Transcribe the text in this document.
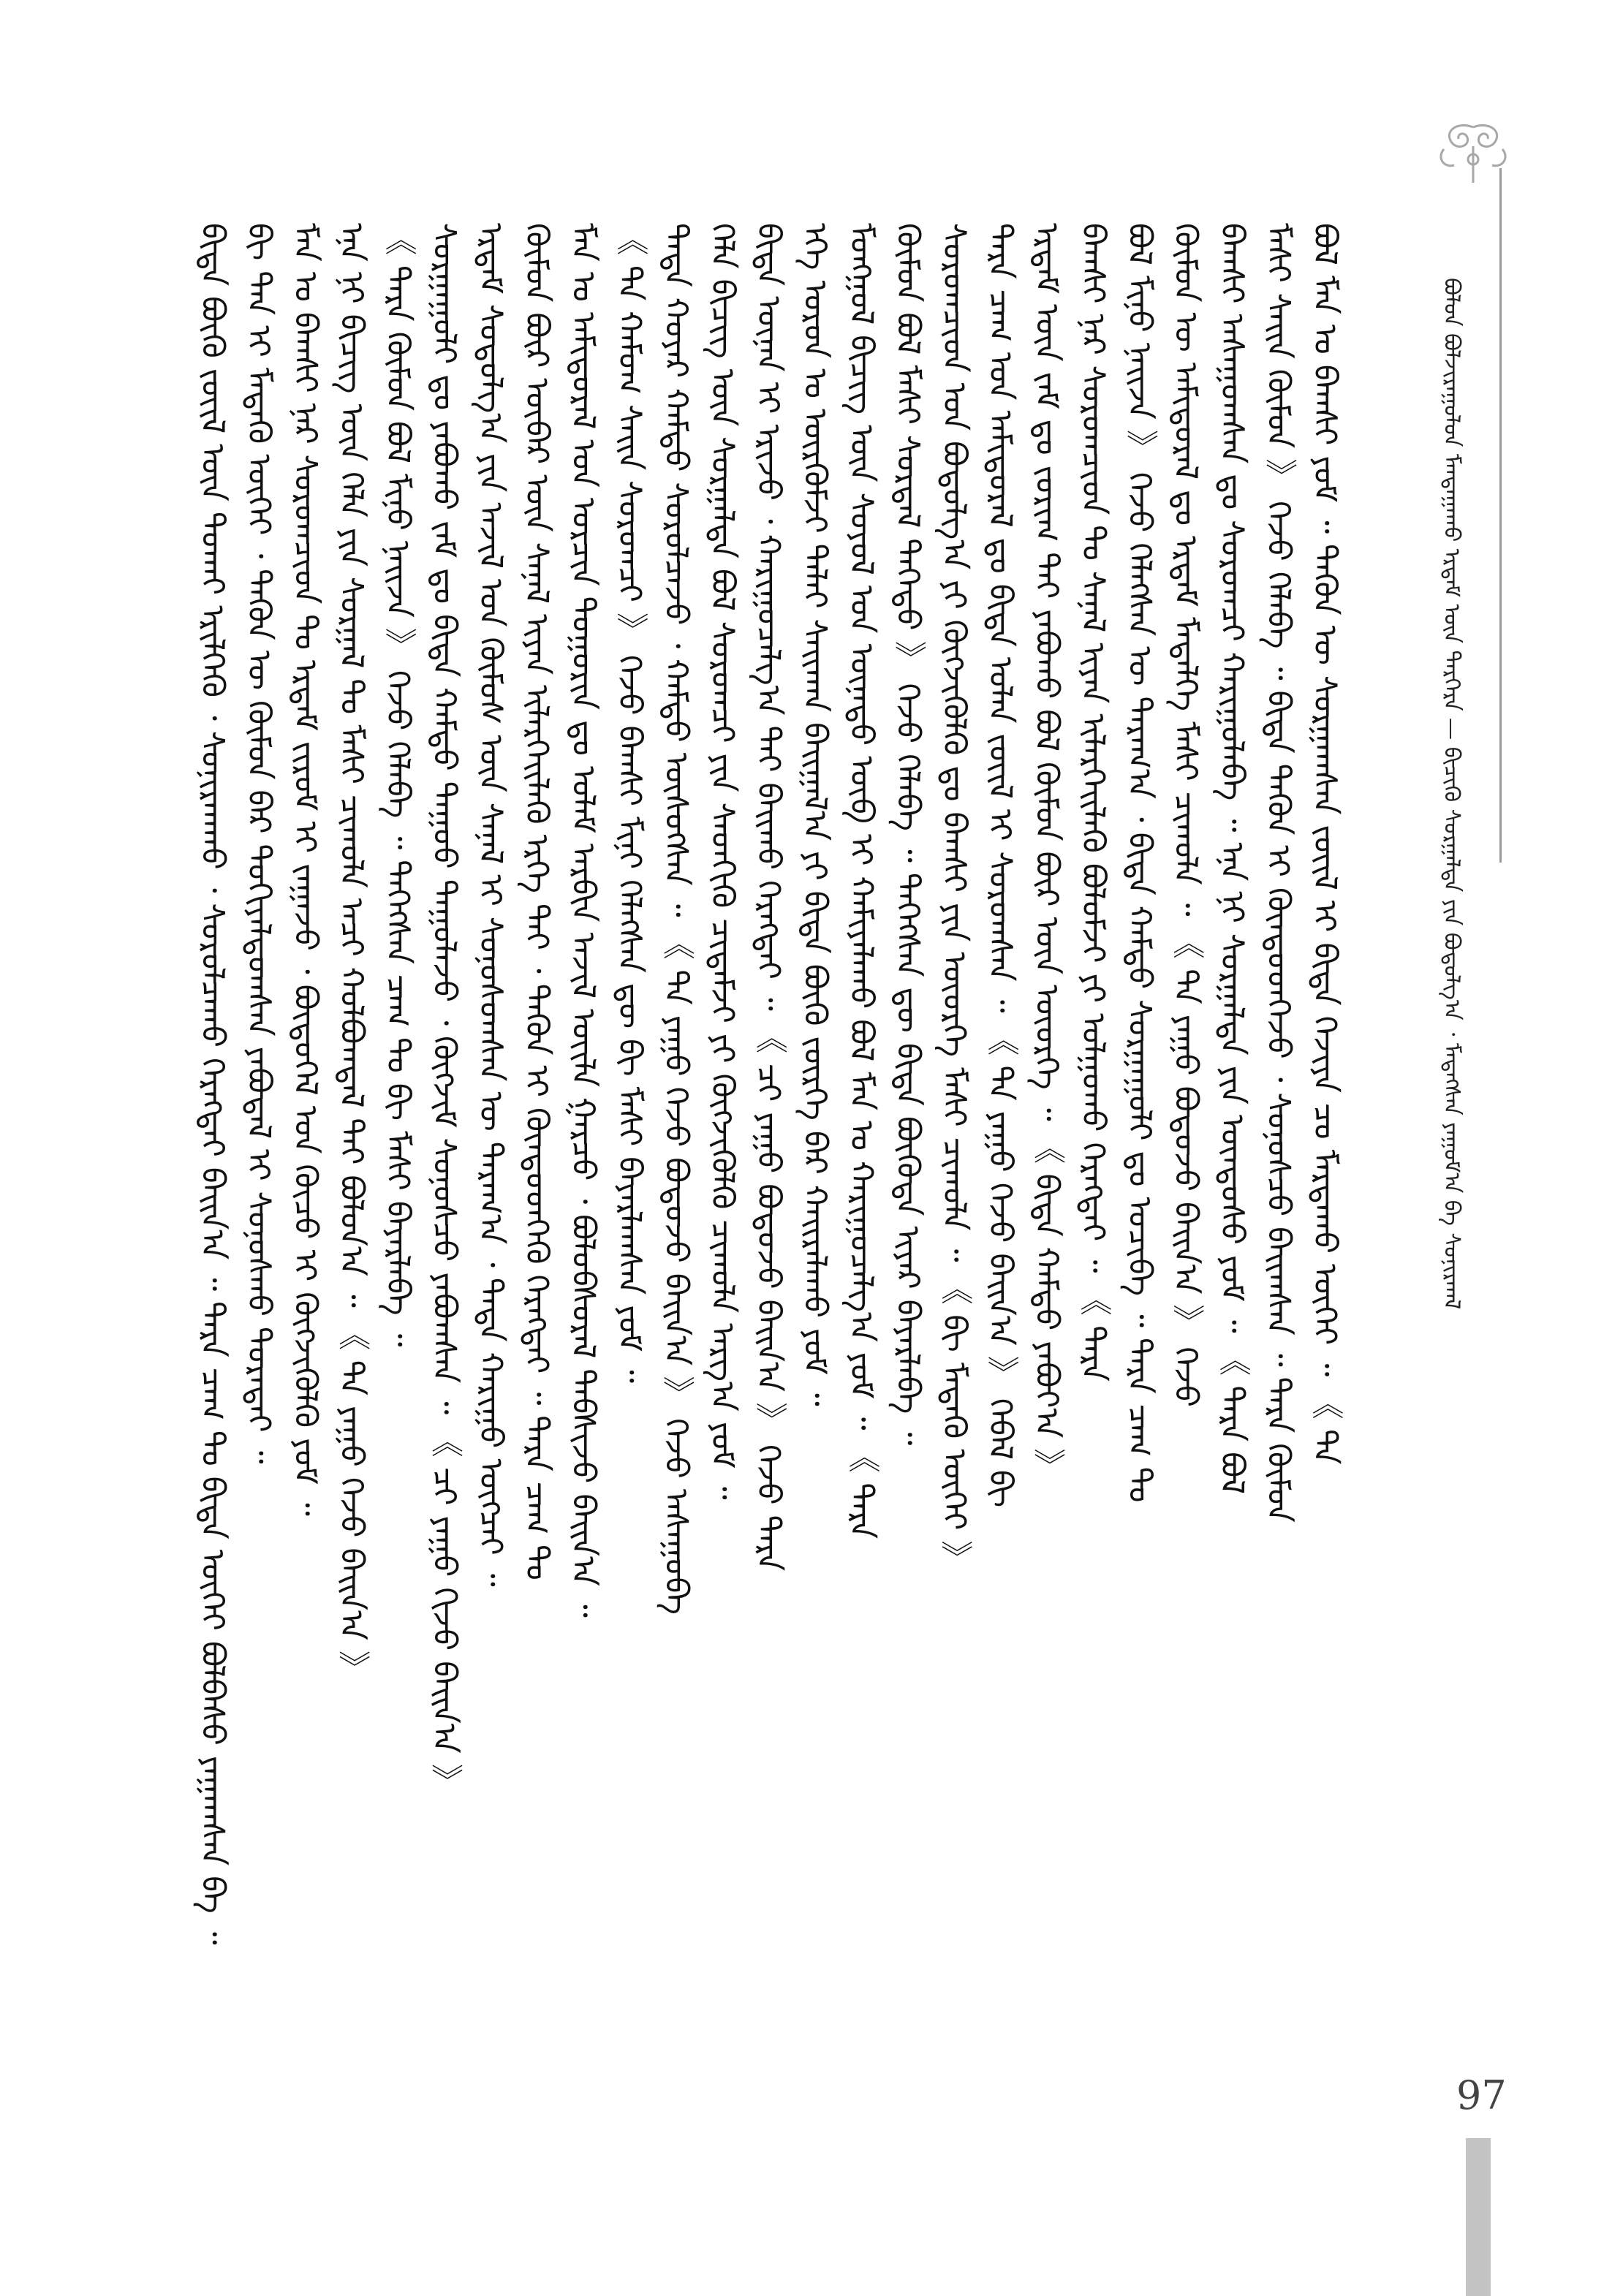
ᠪᠣᠯᠤᠨ ᠪᠣᠯᠵᠢᠷᠠᠭᠤᠯᠤᠨ ᠮᠠᠨᠳᠠᠭᠠᠬᠤ ᠡᠷᠳᠡᠮ ᠦᠨ ᠲᠡᠷᠭᠡᠷᠡ — ᠪᠢᠴᠢᠬᠦ ᠰᠤᠷᠭᠠᠯᠲᠠ ᠶᠢᠨ ᠪᠣᠳᠣᠯᠭ᠎ᠠ ᠂ ᠮᠡᠳᠡᠭᠰᠡᠨ ᠶᠠᠭᠤᠮ᠎ᠠ ᠪᠠ ᠰᠣᠨᠢᠷᠬᠠᠯ
ᠪᠢᠳᠡ ᠪᠦᠬᠦ ᠵᠦᠢᠯ ᠦᠨ ᠲᠤᠬᠠᠢ ᠡᠷᠢᠯᠬᠡᠬᠦ ᠂ ᠰᠣᠨᠢᠷᠬᠠᠬᠤ ᠂ ᠰᠤᠷᠤᠯᠴᠠᠬᠤ ᠬᠡᠷᠡᠭᠲᠡᠢ ᠪᠠᠢᠨ᠎ᠠ ᠃ ᠲᠡᠷᠡ ᠴᠠᠭ ᠲᠤ ᠪᠢᠳᠡ ᠥᠭᠡᠢ ᠪᠣᠯᠪᠠᠰᠤ ᠶᠠᠭᠠᠭᠰᠠᠨ ᠪᠡ ᠃ ᠪᠢ ᠲᠠᠨ ᠢ ᠮᠡᠳᠡᠬᠦ ᠦᠭᠡᠢ ᠂ ᠲᠡᠭᠦᠨ ᠦ ᠬᠦᠮᠦᠨ ᠪᠠᠷ ᠲᠣᠬᠢᠶᠠᠯᠳᠤᠭᠰᠠᠨ ᠶᠠᠪᠤᠳᠠᠯ ᠢ ᠰᠣᠨᠣᠰᠬᠤ ᠳᠤᠷᠠᠲᠠᠢ ᠃ ᠮᠠᠨ ᠤ ᠪᠠᠭᠰᠢ ᠨᠠᠷ ᠰᠤᠷᠤᠭᠴᠢᠳ ᠲᠤ ᠡᠷᠳᠡᠮ ᠵᠢᠷᠤᠮ ᠢ ᠵᠠᠭᠠᠵᠤ ᠂ ᠪᠦᠲᠦᠭᠡᠯ ᠤᠨ ᠬᠦᠴᠦ ᠢ ᠬᠥᠭᠵᠢᠭᠦᠯᠬᠦ ᠶᠤᠮ ᠃ ᠡᠨᠡ ᠨᠢ ᠪᠢᠴᠢᠭ᠌ ᠦᠨ ᠬᠡᠯᠡ ᠶᠢᠨ ᠰᠤᠷᠭᠠᠯ ᠲᠤ ᠮᠠᠰᠢ ᠴᠢᠬᠤᠯᠠ ᠠᠴᠢ ᠬᠣᠯᠪᠣᠭᠳᠠᠯ ᠲᠠᠢ ᠪᠣᠯᠤᠨ᠎ᠠ ᠃ 《 ᠲᠠ ᠶᠠᠭᠤ ᠭᠡᠵᠦ ᠪᠠᠢᠨ᠎ᠠ 》 《 ᠲᠡᠷᠡ ᠬᠦᠮᠦᠨ ᠪᠣᠯ ᠮᠢᠨᠦ ᠨᠠᠢᠵᠠ 》 ᠭᠡᠵᠦ ᠬᠡᠯᠡᠪᠡ ᠃ ᠲᠡᠭᠡᠭᠰᠡᠨ ᠴᠠᠭ ᠲᠤ ᠪᠢ ᠮᠠᠰᠢ ᠪᠠᠶᠠᠷᠯᠠᠪᠠ ᠃ ᠰᠤᠷᠭᠠᠭᠤᠯᠢ ᠳᠤ ᠶᠠᠪᠤᠬᠤ ᠵᠠᠮ ᠳᠤ ᠪᠢᠳᠡ ᠬᠠᠮᠲᠤ ᠳᠠᠭᠤᠤ ᠳᠠᠭᠤᠯᠠᠵᠤ ᠂ ᠬᠥᠭᠵᠢᠮ ᠰᠣᠨᠣᠰᠴᠤ ᠶᠠᠪᠤᠭᠰᠠᠨ ᠃ 《 ᠴᠢ ᠶᠠᠭᠤ ᠬᠢᠵᠦ ᠪᠠᠢᠨ᠎ᠠ 》 ᠡᠷᠳᠡᠮ ᠰᠤᠳᠤᠯᠭ᠎ᠠ ᠶᠢᠨ ᠠᠵᠢᠯ ᠤᠨ ᠬᠦᠮᠦᠰ ᠦᠨ ᠰᠠᠨᠠᠯ ᠢ ᠰᠣᠨᠣᠰᠤᠭᠰᠠᠨ ᠦ ᠳᠠᠷᠠᠭ᠎ᠠ ᠂ ᠲᠡᠳᠡ ᠬᠠᠷᠢᠭᠤ ᠥᠭᠴᠡᠢ ᠃ ᠬᠦᠮᠦᠨ ᠪᠦᠷ ᠥᠪᠡᠷ ᠦᠨ ᠰᠠᠨᠠᠯ ᠢᠶᠠᠨ ᠢᠯᠡᠷᠬᠡᠢᠯᠡᠬᠦ ᠡᠷᠬᠡ ᠲᠠᠢ ᠂ ᠲᠡᠭᠦᠨ ᠢ ᠬᠦᠨᠳᠦᠳᠬᠡᠬᠦ ᠬᠡᠷᠡᠭᠲᠡᠢ ᠃ ᠲᠡᠷᠡ ᠴᠠᠭ ᠲᠤ ᠮᠠᠨ ᠤ ᠠᠮᠢᠳᠤᠷᠠᠯ ᠤᠨ ᠣᠷᠴᠢᠨ ᠲᠣᠭᠣᠷᠢᠨ ᠳᠤ ᠤᠯᠠᠮ ᠠᠷᠪᠢᠨ ᠠᠵᠢᠯ ᠦᠢᠯᠡ ᠭᠠᠷᠴᠤ ᠂ ᠪᠣᠯᠤᠪᠰᠤᠷᠠᠯ ᠳᠡᠪᠰᠢᠵᠦ ᠪᠠᠢᠨ᠎ᠠ ᠃ 《 ᠲᠠ ᠬᠠᠮᠤᠭ ᠰᠠᠢᠨ ᠰᠤᠷᠤᠭᠴᠢ 》 ᠭᠡᠵᠦ ᠪᠠᠭᠰᠢ ᠮᠢᠨᠢ ᠬᠡᠯᠡᠭᠰᠡᠨ ᠳᠦ ᠪᠢ ᠮᠠᠰᠢ ᠪᠠᠶᠠᠷᠯᠠᠭᠰᠠᠨ ᠶᠤᠮ ᠃ ᠲᠡᠳᠡ ᠬᠣᠶᠠᠷ ᠬᠠᠮᠲᠤ ᠰᠤᠷᠤᠯᠴᠠᠵᠤ ᠂ ᠬᠠᠮᠲᠤ ᠥᠰᠦᠭᠰᠡᠨ ᠃ 《 ᠲᠠ ᠶᠠᠭᠤ ᠭᠡᠵᠦ ᠪᠣᠳᠣᠵᠤ ᠪᠠᠢᠨ᠎ᠠ 》 ᠭᠡᠵᠦ ᠠᠰᠠᠭᠤᠪᠠ ᠬᠡᠯᠡ ᠪᠢᠴᠢᠭ᠌ ᠦᠨ ᠰᠤᠷᠭᠠᠯᠲᠠ ᠪᠣᠯ ᠰᠤᠷᠤᠭᠴᠢ ᠶᠢᠨ ᠰᠡᠳᠬᠢᠬᠦ ᠴᠢᠳᠠᠮᠵᠢ ᠶᠢ ᠬᠥᠭᠵᠢᠭᠦᠯᠬᠦ ᠴᠢᠬᠤᠯᠠ ᠠᠷᠭ᠎ᠠ ᠶᠤᠮ ᠃ ᠪᠢᠳᠡ ᠦᠨᠡᠨ ᠢ ᠡᠷᠢᠵᠦ ᠂ ᠬᠠᠷᠢᠭᠤᠴᠠᠯᠭ᠎ᠠ ᠲᠠᠢ ᠪᠠᠢᠬᠤ ᠬᠡᠷᠡᠭᠲᠡᠢ ᠃ 《 ᠴᠢ ᠶᠠᠭᠤ ᠪᠣᠳᠣᠵᠤ ᠪᠠᠢᠨ᠎ᠠ 》 ᠭᠡᠵᠦ ᠲᠡᠷᠡ ᠡᠬᠡ ᠣᠷᠣᠨ ᠤ ᠦᠷᠭᠦᠮᠵᠢ ᠳᠠᠯᠠᠢ ᠰᠠᠢᠬᠠᠨ ᠪᠠᠢᠭᠠᠯ᠎ᠠ ᠶᠢ ᠪᠢᠳᠡ ᠪᠦᠬᠦ ᠵᠦᠷᠬᠡ ᠪᠡᠷ ᠬᠠᠢᠷᠠᠯᠠᠬᠤ ᠶᠤᠮ ᠃ ᠮᠣᠩᠭᠣᠯ ᠪᠢᠴᠢᠭ᠌ ᠦᠨ ᠰᠣᠶᠣᠯ ᠤᠨ ᠦᠨᠡᠲᠦ ᠥᠪ ᠢ ᠬᠠᠮᠢᠶᠠᠯᠠᠬᠤ ᠪᠣᠯ ᠮᠠᠨ ᠤ ᠬᠠᠷᠢᠭᠤᠴᠠᠯᠭ᠎ᠠ ᠶᠤᠮ ᠃ 《 ᠲᠡᠷᠡ ᠬᠦᠮᠦᠨ ᠪᠣᠯ ᠮᠠᠰᠢ ᠰᠤᠷᠲᠠᠯ ᠳᠡᠭᠡᠳᠦ 》 ᠭᠡᠵᠦ ᠬᠡᠯᠡᠪᠡ ᠃ ᠲᠡᠭᠡᠭᠰᠡᠨ ᠳᠦ ᠪᠢᠳᠡ ᠪᠦᠭᠦᠳᠡ ᠢᠶᠡᠷ ᠪᠠᠶᠠᠷᠯᠠᠪᠠ ᠃ ᠰᠤᠷᠤᠭᠴᠢᠳ ᠤᠨ ᠪᠣᠳᠣᠯᠭ᠎ᠠ ᠶᠢ ᠬᠥᠭᠵᠢᠭᠦᠯᠬᠦ ᠳᠤ ᠪᠠᠭᠰᠢ ᠶᠢᠨ ᠦᠦᠷᠭᠡ ᠮᠠᠰᠢ ᠴᠢᠬᠤᠯᠠ ᠃ 《 ᠪᠢ ᠮᠡᠳᠡᠬᠦ ᠥᠭᠡᠢ 》 ᠲᠡᠷᠡ ᠴᠠᠭ ᠤᠨ ᠠᠮᠢᠳᠤᠷᠠᠯ ᠳᠤ ᠪᠢᠳᠡ ᠣᠯᠠᠨ ᠵᠦᠢᠯ ᠢ ᠰᠤᠷᠤᠭᠰᠠᠨ ᠃ 《 ᠲᠠ ᠶᠠᠭᠤ ᠭᠡᠵᠦ ᠪᠠᠢᠨ᠎ᠠ 》 ᠭᠡᠪᠡᠯ ᠪᠢ ᠡᠷᠳᠡᠮ ᠦᠨ ᠵᠠᠮ ᠳᠤ ᠵᠣᠷᠢᠭ ᠲᠠᠢ ᠶᠠᠪᠤᠬᠤ ᠪᠣᠯ ᠬᠦᠮᠦᠨ ᠪᠦᠷ ᠦᠨ ᠦᠦᠷᠭᠡ ᠃ 《 ᠪᠢᠳᠡ ᠬᠠᠮᠲᠤ ᠶᠠᠪᠤᠶ᠎ᠠ 》 ᠪᠠᠭᠰᠢ ᠨᠠᠷ ᠰᠤᠷᠤᠭᠴᠢᠳ ᠲᠤ ᠰᠠᠨᠠᠯ ᠢᠶᠠᠨ ᠢᠯᠡᠷᠬᠡᠢᠯᠡᠬᠦ ᠪᠣᠯᠤᠮᠵᠢ ᠶᠢ ᠣᠯᠭᠣᠬᠤ ᠬᠡᠷᠡᠭᠲᠡᠢ ᠃ 《 ᠲᠡᠷᠡ ᠪᠣᠯ ᠮᠢᠨᠦ ᠨᠠᠢᠵᠠ 》 ᠭᠡᠵᠦ ᠬᠡᠯᠡᠭᠰᠡᠨ ᠦ ᠳᠠᠷᠠᠭ᠎ᠠ ᠂ ᠪᠢᠳᠡ ᠬᠠᠮᠲᠤ ᠰᠤᠷᠭᠠᠭᠤᠯᠢ ᠳᠤ ᠣᠴᠢᠪᠠ ᠃ ᠲᠡᠷᠡ ᠴᠠᠭ ᠲᠤ ᠬᠦᠮᠦᠨ ᠦ ᠠᠮᠢᠳᠤᠷᠠᠯ ᠳᠤ ᠡᠷᠳᠡᠮ ᠮᠡᠳᠡᠯᠭᠡ ᠮᠠᠰᠢ ᠴᠢᠬᠤᠯᠠ ᠃ 《 ᠲᠠ ᠶᠠᠭᠤ ᠪᠣᠳᠣᠵᠤ ᠪᠠᠢᠨ᠎ᠠ 》 ᠭᠡᠵᠦ ᠪᠠᠭᠰᠢ ᠠᠰᠠᠭᠤᠭᠰᠠᠨ ᠳᠤ ᠰᠤᠷᠤᠭᠴᠢ ᠬᠠᠷᠢᠭᠤᠯᠠᠪᠠ ᠃ ᠡᠨᠡ ᠨᠢ ᠰᠤᠷᠭᠠᠯᠲᠠ ᠶᠢᠨ ᠦᠨᠳᠦᠰᠦ ᠶᠤᠮ ᠃ 《 ᠲᠡᠷᠡ ᠪᠣᠯ ᠮᠠᠰᠢ ᠰᠠᠢᠨ ᠬᠦᠮᠦᠨ 》 ᠭᠡᠵᠦ ᠬᠡᠯᠡᠪᠡ ᠃ ᠪᠢᠳᠡ ᠲᠡᠭᠦᠨ ᠢ ᠬᠦᠨᠳᠦᠳᠬᠡᠵᠦ ᠂ ᠰᠣᠨᠣᠰᠴᠤ ᠪᠠᠢᠭᠰᠠᠨ ᠃ ᠲᠡᠷᠡ ᠬᠦᠮᠦᠨ ᠪᠣᠯ ᠮᠠᠨ ᠤ ᠪᠠᠭᠰᠢ ᠶᠤᠮ ᠃ ᠲᠡᠭᠦᠨ ᠦ ᠰᠤᠷᠭᠠᠭᠰᠠᠨ ᠵᠦᠢᠯ ᠢ ᠪᠢᠳᠡ ᠬᠡᠵᠢᠶᠡ ᠴᠤ ᠮᠠᠷᠲᠠᠬᠤ ᠥᠭᠡᠢ ᠃ 《 ᠲᠠ
97
